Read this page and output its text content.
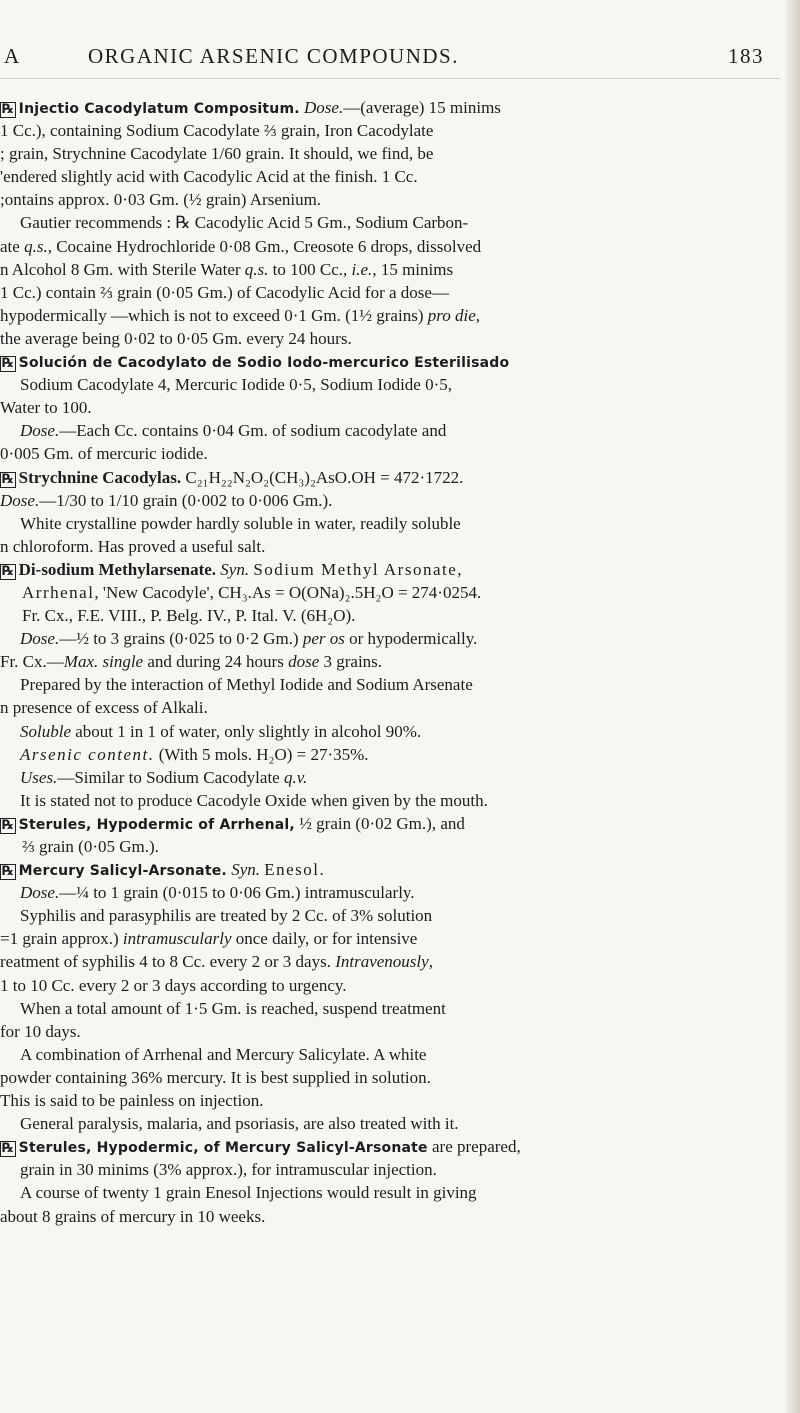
A	ORGANIC ARSENIC COMPOUNDS.	183
℞ Injectio Cacodylatum Compositum. Dose.—(average) 15 minims
1 Cc.), containing Sodium Cacodylate ⅔ grain, Iron Cacodylate
; grain, Strychnine Cacodylate 1/60 grain. It should, we find, be
'endered slightly acid with Cacodylic Acid at the finish. 1 Cc.
;ontains approx. 0·03 Gm. (½ grain) Arsenium.
Gautier recommends : ℞ Cacodylic Acid 5 Gm., Sodium Carbon-
ate q.s., Cocaine Hydrochloride 0·08 Gm., Creosote 6 drops, dissolved
n Alcohol 8 Gm. with Sterile Water q.s. to 100 Cc., i.e., 15 minims
1 Cc.) contain ⅔ grain (0·05 Gm.) of Cacodylic Acid for a dose—
hypodermically —which is not to exceed 0·1 Gm. (1½ grains) pro die,
the average being 0·02 to 0·05 Gm. every 24 hours.
℞ Solución de Cacodylato de Sodio Iodo-mercurico Esterilisado
Sodium Cacodylate 4, Mercuric Iodide 0·5, Sodium Iodide 0·5,
Water to 100.
Dose.—Each Cc. contains 0·04 Gm. of sodium cacodylate and
0·005 Gm. of mercuric iodide.
℞ Strychnine Cacodylas. C₂₁H₂₂N₂O₂(CH₃)₂AsO.OH = 472·1722.
Dose.—1/30 to 1/10 grain (0·002 to 0·006 Gm.).
White crystalline powder hardly soluble in water, readily soluble
n chloroform. Has proved a useful salt.
℞ Di-sodium Methylarsenate. Syn. Sodium Methyl Arsonate,
Arrhenal, 'New Cacodyle', CH₃.As = O(ONa)₂.5H₂O = 274·0254.
Fr. Cx., F.E. VIII., P. Belg. IV., P. Ital. V. (6H₂O).
Dose.—½ to 3 grains (0·025 to 0·2 Gm.) per os or hypodermically.
Fr. Cx.—Max. single and during 24 hours dose 3 grains.
Prepared by the interaction of Methyl Iodide and Sodium Arsenate
n presence of excess of Alkali.
Soluble about 1 in 1 of water, only slightly in alcohol 90%.
Arsenic content. (With 5 mols. H₂O) = 27·35%.
Uses.—Similar to Sodium Cacodylate q.v.
It is stated not to produce Cacodyle Oxide when given by the mouth.
℞ Sterules, Hypodermic of Arrhenal, ½ grain (0·02 Gm.), and
⅔ grain (0·05 Gm.).
℞ Mercury Salicyl-Arsonate. Syn. Enesol.
Dose.—¼ to 1 grain (0·015 to 0·06 Gm.) intramuscularly.
Syphilis and parasyphilis are treated by 2 Cc. of 3% solution
=1 grain approx.) intramuscularly once daily, or for intensive
reatment of syphilis 4 to 8 Cc. every 2 or 3 days. Intravenously,
1 to 10 Cc. every 2 or 3 days according to urgency.
When a total amount of 1·5 Gm. is reached, suspend treatment
for 10 days.
A combination of Arrhenal and Mercury Salicylate. A white
powder containing 36% mercury. It is best supplied in solution.
This is said to be painless on injection.
General paralysis, malaria, and psoriasis, are also treated with it.
℞ Sterules, Hypodermic, of Mercury Salicyl-Arsonate are prepared,
grain in 30 minims (3% approx.), for intramuscular injection.
A course of twenty 1 grain Enesol Injections would result in giving
about 8 grains of mercury in 10 weeks.
